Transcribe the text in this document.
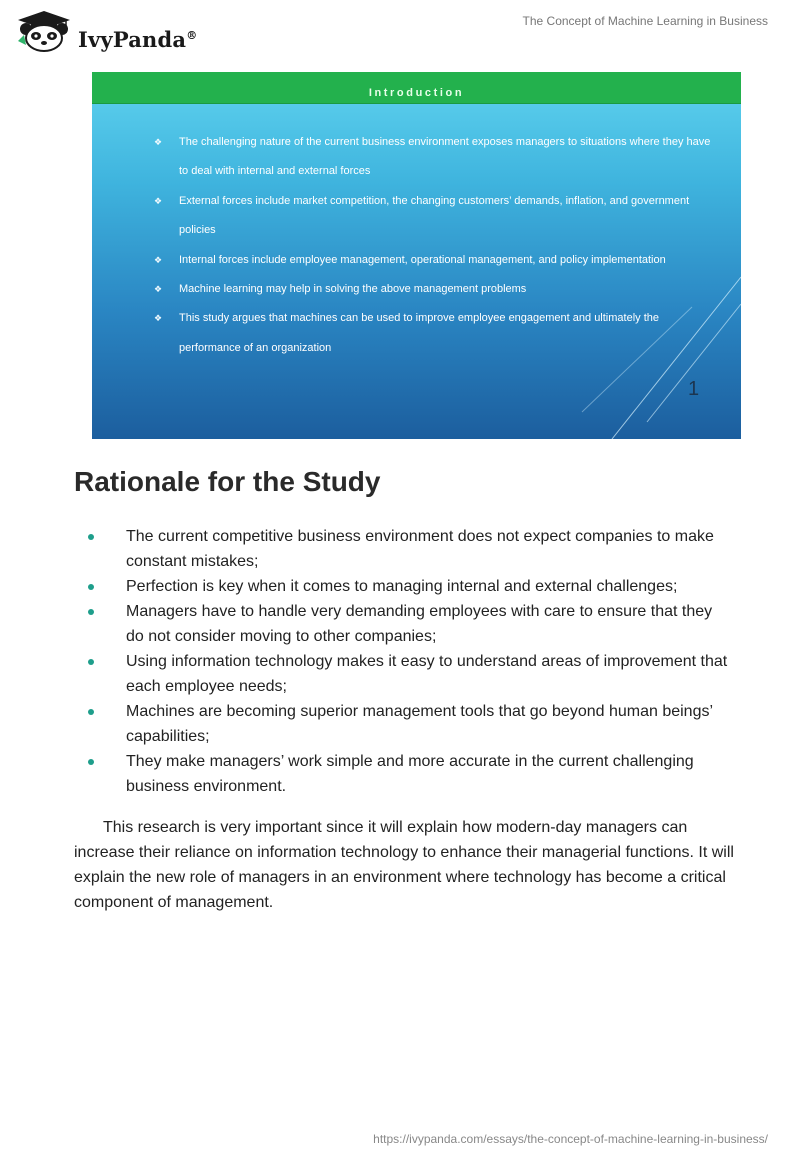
IvyPanda®
The Concept of Machine Learning in Business
Introduction
❖ The challenging nature of the current business environment exposes managers to situations where they have to deal with internal and external forces
❖ External forces include market competition, the changing customers’ demands, inflation, and government policies
❖ Internal forces include employee management, operational management, and policy implementation
❖ Machine learning may help in solving the above management problems
❖ This study argues that machines can be used to improve employee engagement and ultimately the performance of an organization
1
Rationale for the Study
The current competitive business environment does not expect companies to make constant mistakes;
Perfection is key when it comes to managing internal and external challenges;
Managers have to handle very demanding employees with care to ensure that they do not consider moving to other companies;
Using information technology makes it easy to understand areas of improvement that each employee needs;
Machines are becoming superior management tools that go beyond human beings’ capabilities;
They make managers’ work simple and more accurate in the current challenging business environment.

This research is very important since it will explain how modern-day managers can increase their reliance on information technology to enhance their managerial functions. It will explain the new role of managers in an environment where technology has become a critical component of management.

https://ivypanda.com/essays/the-concept-of-machine-learning-in-business/
